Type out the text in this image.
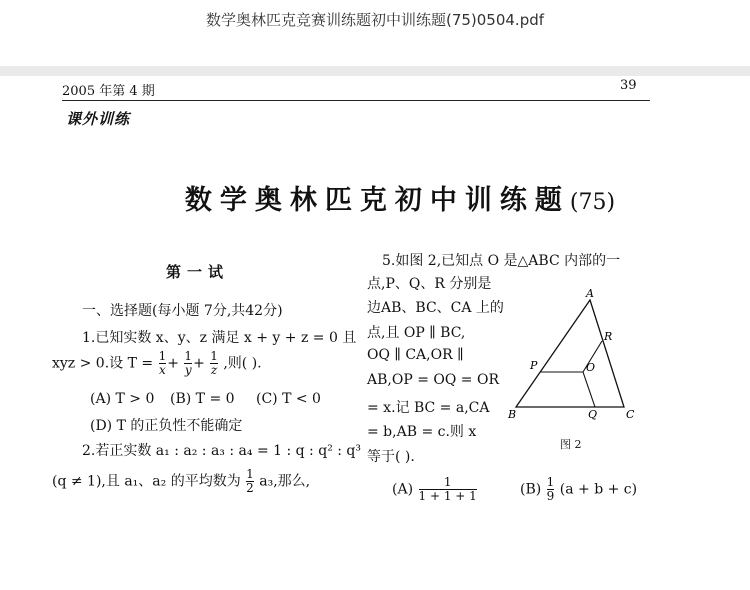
数学奥林匹克竞赛训练题初中训练题(75)0504.pdf
2005 年第 4 期	39
课外训练
数学奥林匹克初中训练题(75)
第一试
一、选择题(每小题 7分,共42分)
1.已知实数 x、y、z 满足 x + y + z = 0 且
xyz > 0.设 $T = \frac{1}{x} + \frac{1}{y} + \frac{1}{z}$ ,则( ).
(A) T > 0 (B) T = 0 (C) T < 0
(D) T 的正负性不能确定
2.若正实数 a₁ : a₂ : a₃ : a₄ = 1 : q : q² : q³
(q ≠ 1),且 a₁、a₂ 的平均数为 $\frac{1}{2} a_3$,那么,
5.如图 2,已知点 O 是△ABC 内部的一
点,P、Q、R 分别是
边AB、BC、CA 上的
点,且 OP ∥ BC,
OQ ∥ CA,OR ∥
AB,OP = OQ = OR
= x.记 BC = a,CA
= b,AB = c.则 x
等于( ).
A
B	C
P
Q
R
O
图 2
$(A) \frac{1}{1 + 1 + 1}$	$(B) \frac{1}{9} (a + b + c)$
